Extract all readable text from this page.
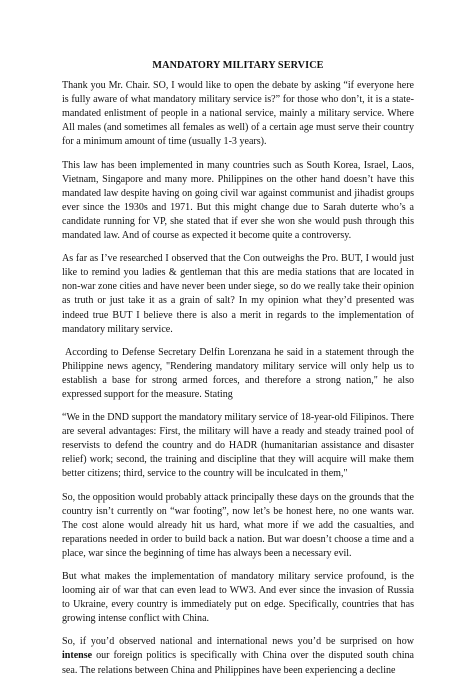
MANDATORY MILITARY SERVICE

Thank you Mr. Chair. SO, I would like to open the debate by asking “if everyone here is fully aware of what mandatory military service is?” for those who don’t, it is a state-mandated enlistment of people in a national service, mainly a military service. Where All males (and sometimes all females as well) of a certain age must serve their country for a minimum amount of time (usually 1-3 years).

This law has been implemented in many countries such as South Korea, Israel, Laos, Vietnam, Singapore and many more. Philippines on the other hand doesn’t have this mandated law despite having on going civil war against communist and jihadist groups ever since the 1930s and 1971. But this might change due to Sarah duterte who’s a candidate running for VP, she stated that if ever she won she would push through this mandated law. And of course as expected it become quite a controversy.

As far as I’ve researched I observed that the Con outweighs the Pro. BUT, I would just like to remind you ladies & gentleman that this are media stations that are located in non-war zone cities and have never been under siege, so do we really take their opinion as truth or just take it as a grain of salt? In my opinion what they’d presented was indeed true BUT I believe there is also a merit in regards to the implementation of mandatory military service.

According to Defense Secretary Delfin Lorenzana he said in a statement through the Philippine news agency, "Rendering mandatory military service will only help us to establish a base for strong armed forces, and therefore a strong nation," he also expressed support for the measure. Stating

“We in the DND support the mandatory military service of 18-year-old Filipinos. There are several advantages: First, the military will have a ready and steady trained pool of reservists to defend the country and do HADR (humanitarian assistance and disaster relief) work; second, the training and discipline that they will acquire will make them better citizens; third, service to the country will be inculcated in them,"

So, the opposition would probably attack principally these days on the grounds that the country isn’t currently on “war footing”, now let’s be honest here, no one wants war. The cost alone would already hit us hard, what more if we add the casualties, and reparations needed in order to build back a nation. But war doesn’t choose a time and a place, war since the beginning of time has always been a necessary evil.

But what makes the implementation of mandatory military service profound, is the looming air of war that can even lead to WW3. And ever since the invasion of Russia to Ukraine, every country is immediately put on edge. Specifically, countries that has growing intense conflict with China.

So, if you’d observed national and international news you’d be surprised on how intense our foreign politics is specifically with China over the disputed south china sea. The relations between China and Philippines have been experiencing a decline
